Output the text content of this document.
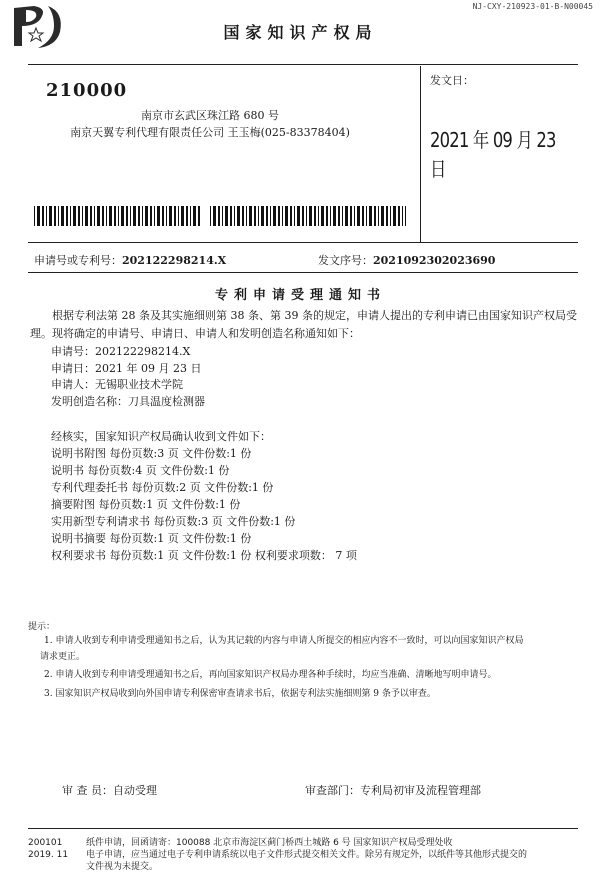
NJ-CXY-210923-01-B-N00045
国家知识产权局
210000
南京市玄武区珠江路 680 号
南京天翼专利代理有限责任公司 王玉梅(025-83378404)
发文日：
2021 年 09 月 23 日
申请号或专利号：202122298214.X	发文序号：2021092302023690
专利申请受理通知书
根据专利法第 28 条及其实施细则第 38 条、第 39 条的规定，申请人提出的专利申请已由国家知识产权局受理。现将确定的申请号、申请日、申请人和发明创造名称通知如下：
申请号：202122298214.X
申请日：2021 年 09 月 23 日
申请人：无锡职业技术学院
发明创造名称：刀具温度检测器
经核实，国家知识产权局确认收到文件如下：
说明书附图 每份页数:3 页 文件份数:1 份
说明书 每份页数:4 页 文件份数:1 份
专利代理委托书 每份页数:2 页 文件份数:1 份
摘要附图 每份页数:1 页 文件份数:1 份
实用新型专利请求书 每份页数:3 页 文件份数:1 份
说明书摘要 每份页数:1 页 文件份数:1 份
权利要求书 每份页数:1 页 文件份数:1 份 权利要求项数： 7 项
提示：
1. 申请人收到专利申请受理通知书之后，认为其记载的内容与申请人所提交的相应内容不一致时，可以向国家知识产权局
请求更正。
2. 申请人收到专利申请受理通知书之后，再向国家知识产权局办理各种手续时，均应当准确、清晰地写明申请号。
3. 国家知识产权局收到向外国申请专利保密审查请求书后，依据专利法实施细则第 9 条予以审查。
审 查 员：自动受理	审查部门：专利局初审及流程管理部
200101
2019. 11
纸件申请，回函请寄：100088 北京市海淀区蓟门桥西土城路 6 号 国家知识产权局受理处收
电子申请，应当通过电子专利申请系统以电子文件形式提交相关文件。除另有规定外，以纸件等其他形式提交的
文件视为未提交。
